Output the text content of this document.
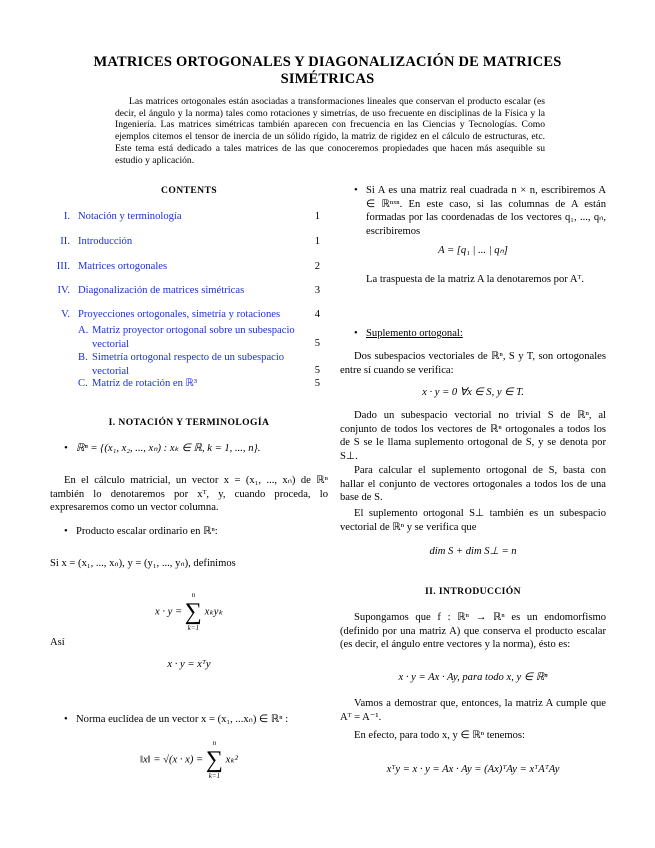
MATRICES ORTOGONALES Y DIAGONALIZACIÓN DE MATRICES SIMÉTRICAS
Las matrices ortogonales están asociadas a transformaciones lineales que conservan el producto escalar (es decir, el ángulo y la norma) tales como rotaciones y simetrías, de uso frecuente en disciplinas de la Física y la Ingeniería. Las matrices simétricas también aparecen con frecuencia en las Ciencias y Tecnologías. Como ejemplos citemos el tensor de inercia de un sólido rígido, la matriz de rigidez en el cálculo de estructuras, etc. Este tema está dedicado a tales matrices de las que conoceremos propiedades que hacen más asequible su estudio y aplicación.
CONTENTS
I. Notación y terminología	1
II. Introducción	1
III. Matrices ortogonales	2
IV. Diagonalización de matrices simétricas	3
V. Proyecciones ortogonales, simetría y rotaciones	4
A. Matriz proyector ortogonal sobre un subespacio vectorial	5
B. Simetría ortogonal respecto de un subespacio vectorial	5
C. Matriz de rotación en ℝ³	5
I. NOTACIÓN Y TERMINOLOGÍA
• ℝⁿ = {(x₁, x₂, ..., xₙ) : xₖ ∈ ℝ, k = 1, ..., n}.
En el cálculo matricial, un vector x = (x₁, ..., xₙ) de ℝⁿ también lo denotaremos por xᵀ, y, cuando proceda, lo expresaremos como un vector columna.
• Producto escalar ordinario en ℝⁿ:
Si x = (x₁, ..., xₙ), y = (y₁, ..., yₙ), definimos
x · y =
n
∑
k=1
xₖyₖ
Así
x · y = xᵀy
• Norma euclídea de un vector x = (x₁, ...xₙ) ∈ ℝⁿ :
‖x‖ = √(x · x) =
n
∑
k=1
xₖ²
• Si A es una matriz real cuadrada n × n, escribiremos A ∈ ℝⁿˣⁿ. En este caso, si las columnas de A están formadas por las coordenadas de los vectores q₁, ..., qₙ, escribiremos
A = [q₁ | ... | qₙ]
La traspuesta de la matriz A la denotaremos por Aᵀ.
• Suplemento ortogonal:
Dos subespacios vectoriales de ℝⁿ, S y T, son ortogonales entre sí cuando se verifica:
x · y = 0 ∀x ∈ S, y ∈ T.
Dado un subespacio vectorial no trivial S de ℝⁿ, al conjunto de todos los vectores de ℝⁿ ortogonales a todos los de S se le llama suplemento ortogonal de S, y se denota por S⊥.
Para calcular el suplemento ortogonal de S, basta con hallar el conjunto de vectores ortogonales a todos los de una base de S.
El suplemento ortogonal S⊥ también es un subespacio vectorial de ℝⁿ y se verifica que
dim S + dim S⊥ = n
II. INTRODUCCIÓN
Supongamos que f : ℝⁿ → ℝⁿ es un endomorfismo (definido por una matriz A) que conserva el producto escalar (es decir, el ángulo entre vectores y la norma), ésto es:
x · y = Ax · Ay, para todo x, y ∈ ℝⁿ
Vamos a demostrar que, entonces, la matriz A cumple que Aᵀ = A⁻¹.
En efecto, para todo x, y ∈ ℝⁿ tenemos:
xᵀy = x · y = Ax · Ay = (Ax)ᵀAy = xᵀAᵀAy
